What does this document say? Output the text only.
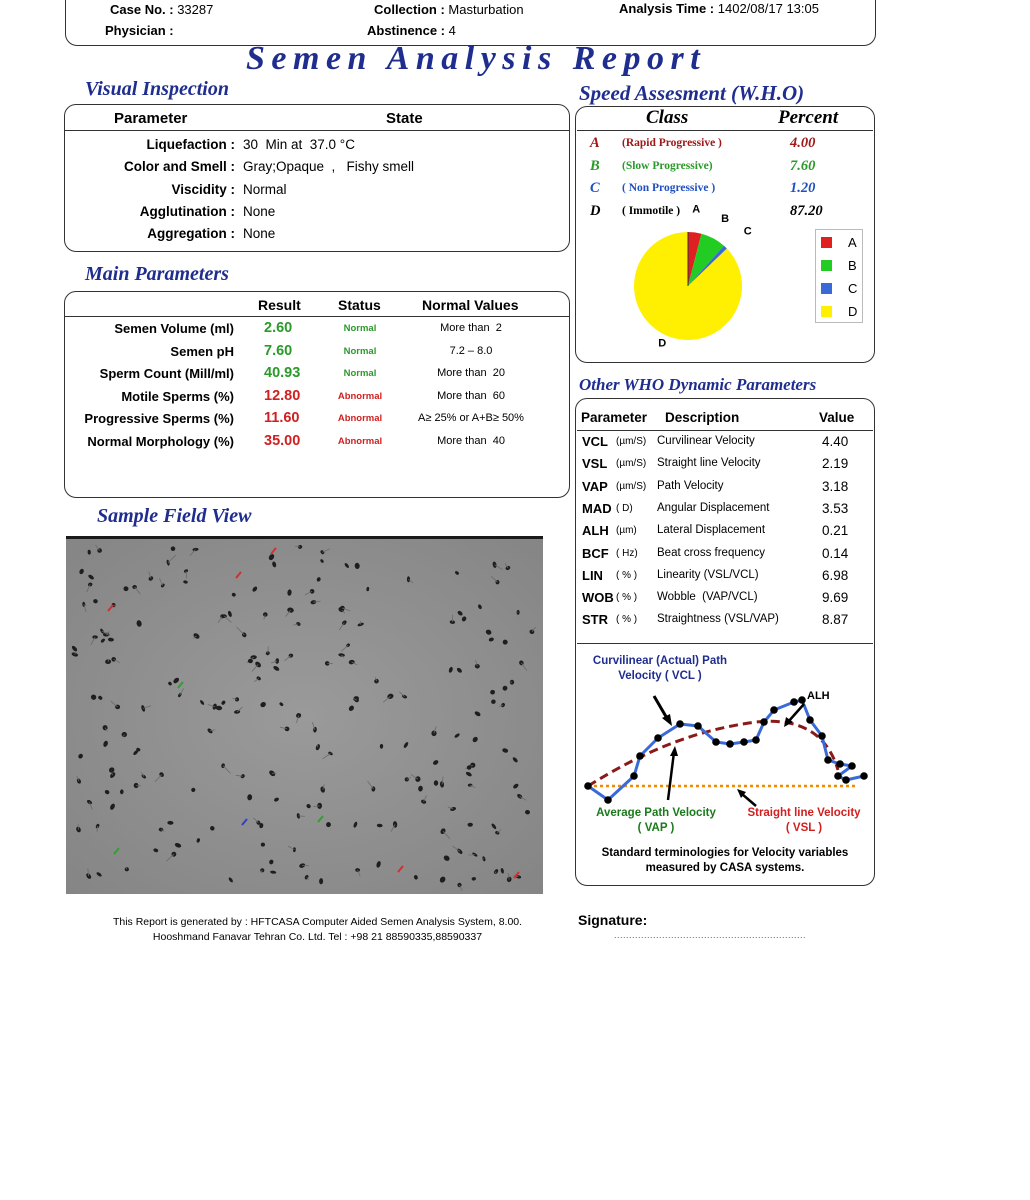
Case No. : 33287
Physician :
Collection : Masturbation
Abstinence : 4
Analysis Time : 1402/08/17 13:05
Semen Analysis Report
Visual Inspection
Parameter	State
Liquefaction : 30  Min at  37.0 °C
Color and Smell : Gray;Opaque  ,   Fishy smell
Viscidity : Normal
Agglutination : None
Aggregation : None
Main Parameters
Result	Status	Normal Values
Semen Volume (ml) 2.60	Normal	More than  2
Semen pH 7.60	Normal	7.2 – 8.0
Sperm Count (Mill/ml) 40.93	Normal	More than  20
Motile Sperms (%) 12.80	Abnormal	More than  60
Progressive Sperms (%) 11.60	Abnormal	A≥ 25% or A+B≥ 50%
Normal Morphology (%) 35.00	Abnormal	More than  40
Sample Field View
Speed Assesment (W.H.O)
Class	Percent
A (Rapid Progressive )	4.00
B (Slow Progressive)	7.60
C ( Non Progressive )	1.20
D ( Immotile )	87.20
A
B
C
D
A
B
C
D
Other WHO Dynamic Parameters
Parameter Description	Value
VCL (µm/S) Curvilinear Velocity	4.40
VSL (µm/S) Straight line Velocity	2.19
VAP (µm/S) Path Velocity	3.18
MAD ( D) Angular Displacement	3.53
ALH (µm) Lateral Displacement	0.21
BCF ( Hz) Beat cross frequency	0.14
LIN ( % ) Linearity (VSL/VCL)	6.98
WOB ( % ) Wobble  (VAP/VCL)	9.69
STR ( % ) Straightness (VSL/VAP)	8.87
Curvilinear (Actual) Path
Velocity ( VCL )
ALH
Average Path Velocity
( VAP )
Straight line Velocity
( VSL )
Standard terminologies for Velocity variables
measured by CASA systems.
This Report is generated by : HFTCASA Computer Aided Semen Analysis System, 8.00.
Hooshmand Fanavar Tehran Co. Ltd. Tel : +98 21 88590335,88590337
Signature:
................................................................
